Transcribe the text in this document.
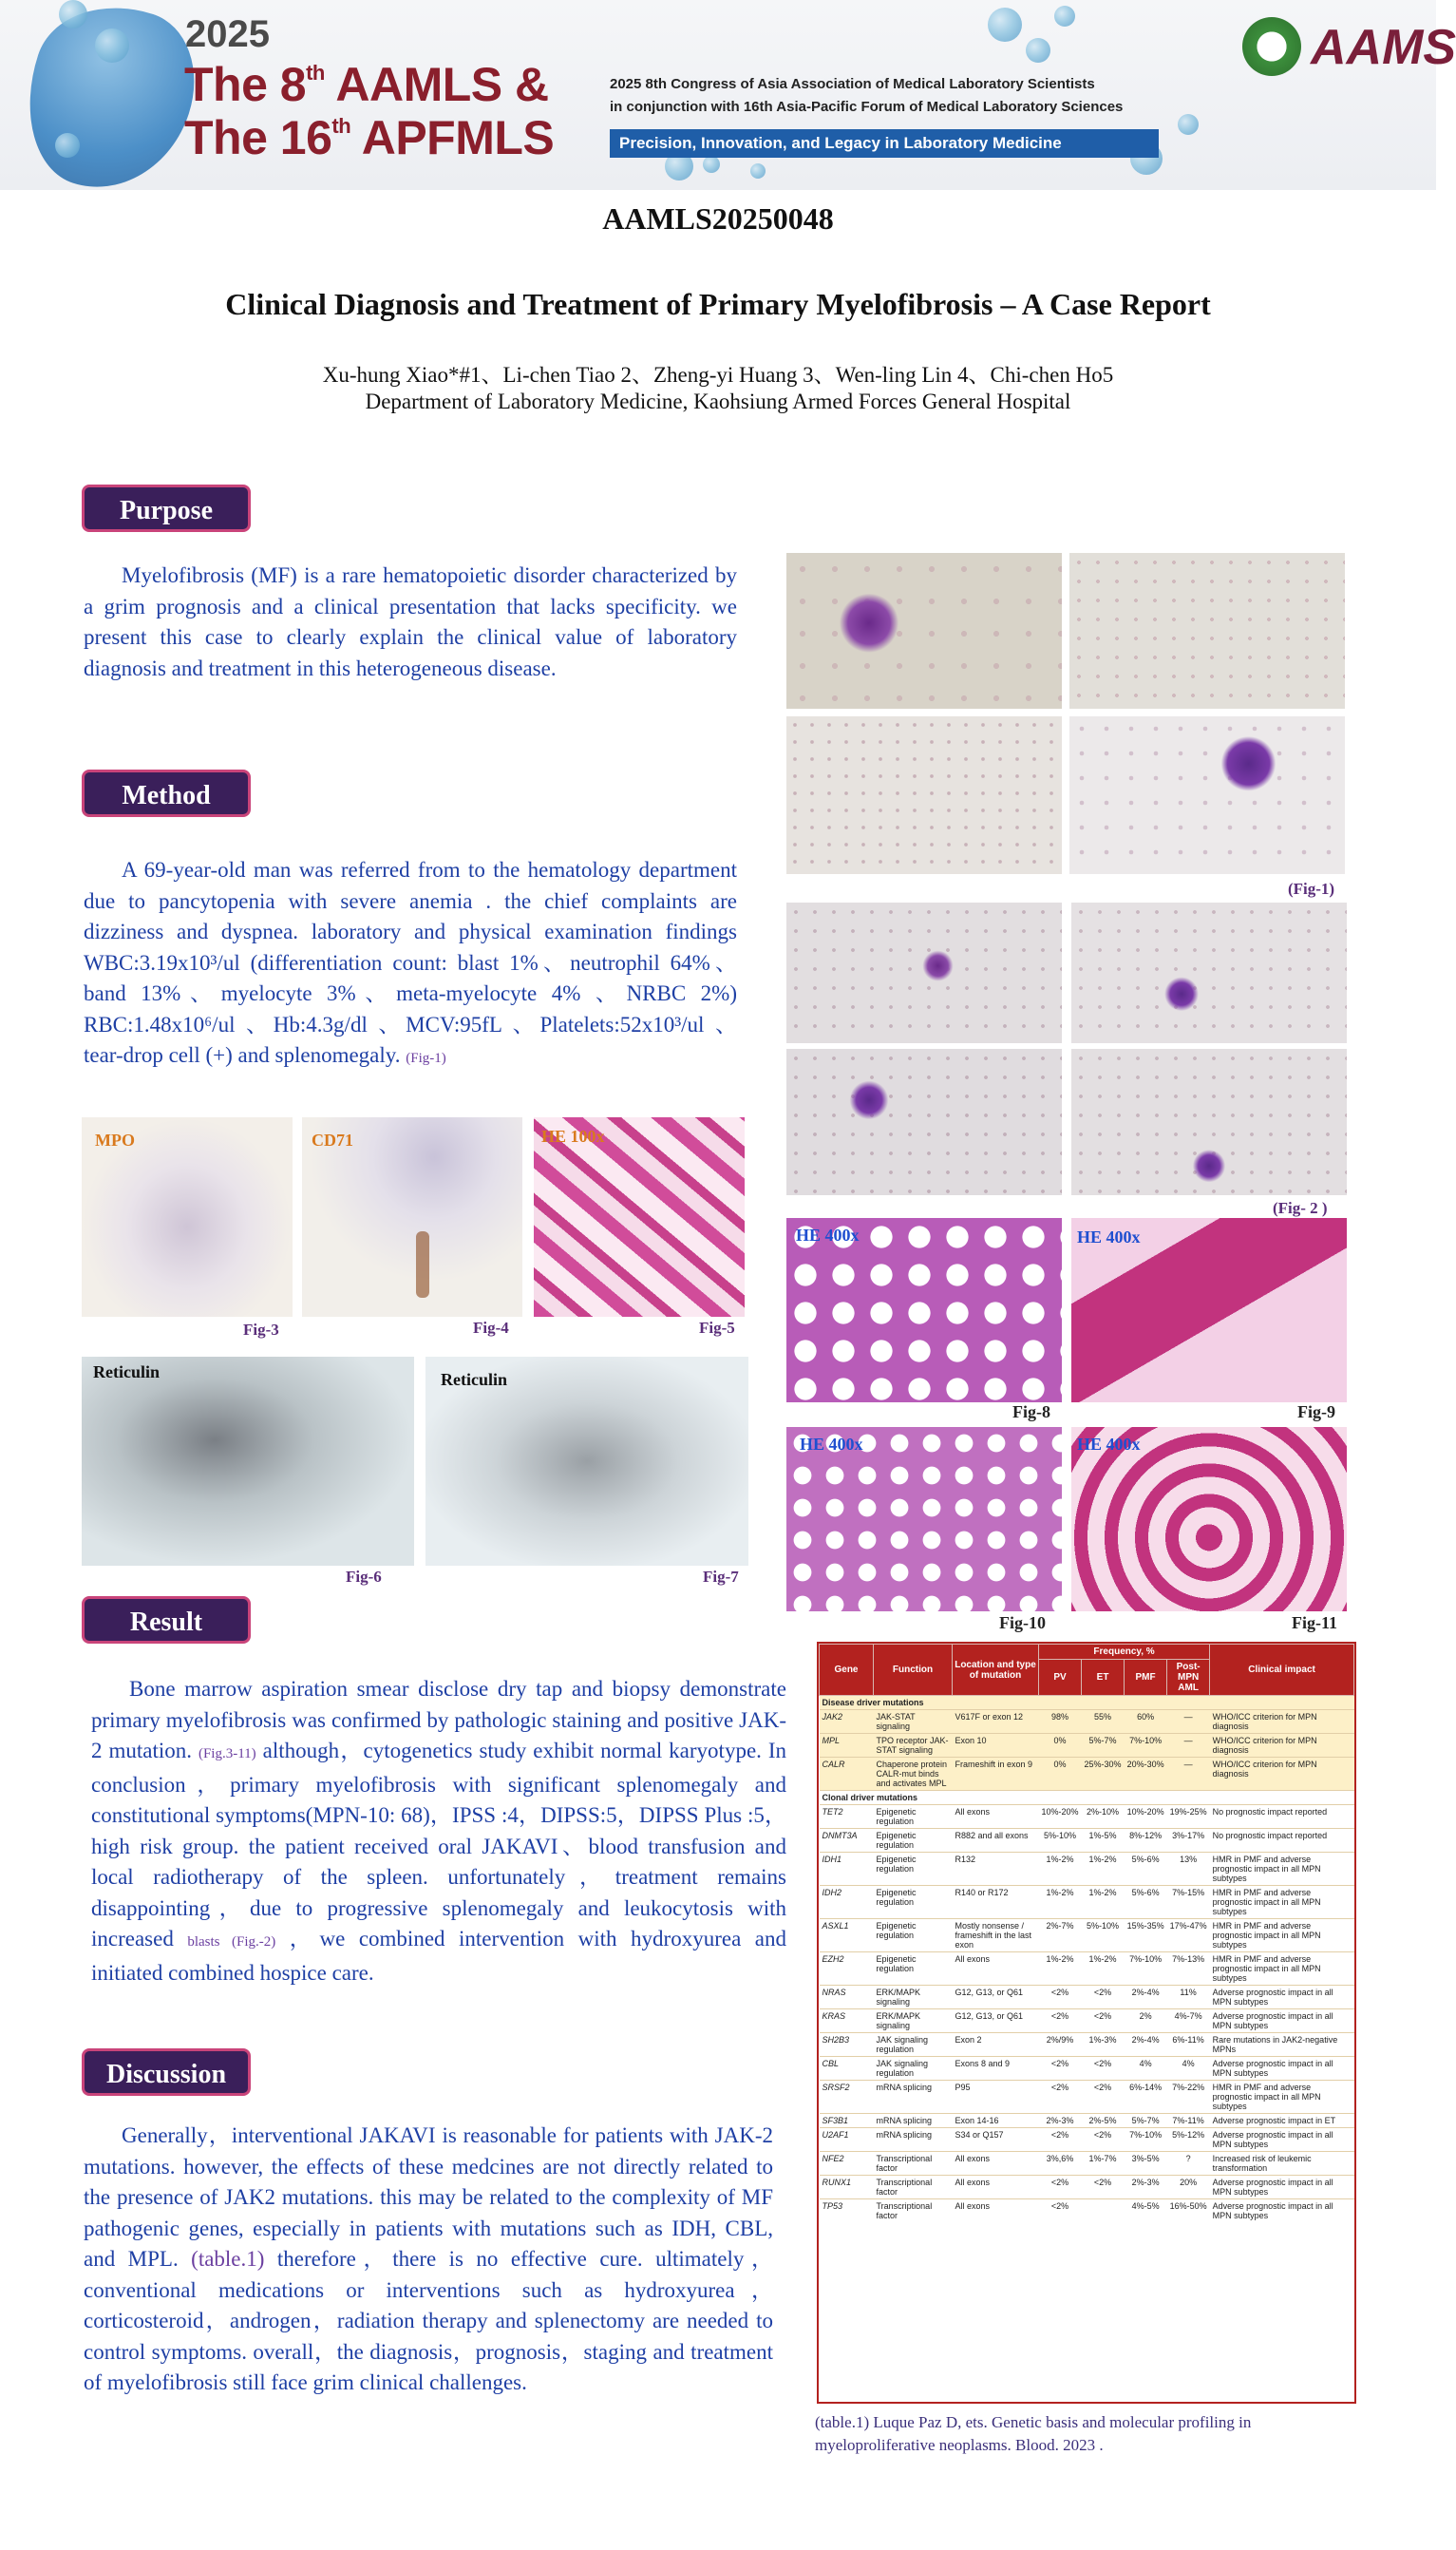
2025
The 8th AAMLS &
The 16th APFMLS
2025 8th Congress of Asia Association of Medical Laboratory Scientists
in conjunction with 16th Asia-Pacific Forum of Medical Laboratory Sciences
Precision, Innovation, and Legacy in Laboratory Medicine
AAMS
AAMLS20250048
Clinical Diagnosis and Treatment of Primary Myelofibrosis – A Case Report
Xu-hung Xiao*#1、Li-chen Tiao 2、Zheng-yi Huang 3、Wen-ling Lin 4、Chi-chen Ho5
Department of Laboratory Medicine, Kaohsiung Armed Forces General Hospital
Purpose
Myelofibrosis (MF) is a rare hematopoietic disorder characterized by a grim prognosis and a clinical presentation that lacks specificity. we present this case to clearly explain the clinical value of laboratory diagnosis and treatment in this heterogeneous disease.
Method
A 69-year-old man was referred from to the hematology department due to pancytopenia with severe anemia . the chief complaints are dizziness and dyspnea. laboratory and physical examination findings WBC:3.19x10³/ul (differentiation count: blast 1%、neutrophil 64%、band 13%、myelocyte 3%、meta-myelocyte 4% 、NRBC 2%) RBC:1.48x10⁶/ul 、Hb:4.3g/dl 、MCV:95fL 、Platelets:52x10³/ul 、tear-drop cell (+) and splenomegaly. (Fig-1)
MPO	CD71	HE 100x
Fig-3	Fig-4	Fig-5
Reticulin	Reticulin
Fig-6	Fig-7
Result
Bone marrow aspiration smear disclose dry tap and biopsy demonstrate primary myelofibrosis was confirmed by pathologic staining and positive JAK-2 mutation. (Fig.3-11) although，cytogenetics study exhibit normal karyotype. In conclusion，primary myelofibrosis with significant splenomegaly and constitutional symptoms(MPN-10: 68)，IPSS :4，DIPSS:5，DIPSS Plus :5， high risk group. the patient received oral JAKAVI、blood transfusion and local radiotherapy of the spleen. unfortunately，treatment remains disappointing，due to progressive splenomegaly and leukocytosis with increased blasts (Fig.-2) ，we combined intervention with hydroxyurea and initiated combined hospice care.
Discussion
Generally，interventional JAKAVI is reasonable for patients with JAK-2 mutations. however, the effects of these medcines are not directly related to the presence of JAK2 mutations. this may be related to the complexity of MF pathogenic genes, especially in patients with mutations such as IDH, CBL, and MPL. (table.1) therefore，there is no effective cure. ultimately，conventional medications or interventions such as hydroxyurea，corticosteroid，androgen，radiation therapy and splenectomy are needed to control symptoms. overall，the diagnosis，prognosis，staging and treatment of myelofibrosis still face grim clinical challenges.
(Fig-1)
(Fig- 2 )
HE 400x	HE 400x
Fig-8	Fig-9
HE 400x	HE 400x
Fig-10	Fig-11
Gene	Function	Location and type of mutation	Frequency, %				Clinical impact
			PV	ET	PMF	Post-MPN AML	
Disease driver mutations							
JAK2	JAK-STAT signaling	V617F or exon 12	98%	55%	60%	—	WHO/ICC criterion for MPN diagnosis
MPL	TPO receptor JAK-STAT signaling	Exon 10	0%	5%-7%	7%-10%	—	WHO/ICC criterion for MPN diagnosis
CALR	Chaperone protein CALR-mut binds and activates MPL	Frameshift in exon 9	0%	25%-30%	20%-30%	—	WHO/ICC criterion for MPN diagnosis
Clonal driver mutations							
TET2	Epigenetic regulation	All exons	10%-20%	2%-10%	10%-20%	19%-25%	No prognostic impact reported
DNMT3A	Epigenetic regulation	R882 and all exons	5%-10%	1%-5%	8%-12%	3%-17%	No prognostic impact reported
IDH1	Epigenetic regulation	R132	1%-2%	1%-2%	5%-6%	13%	HMR in PMF and adverse prognostic impact in all MPN subtypes
IDH2	Epigenetic regulation	R140 or R172	1%-2%	1%-2%	5%-6%	7%-15%	HMR in PMF and adverse prognostic impact in all MPN subtypes
ASXL1	Epigenetic regulation	Mostly nonsense / frameshift in the last exon	2%-7%	5%-10%	15%-35%	17%-47%	HMR in PMF and adverse prognostic impact in all MPN subtypes
EZH2	Epigenetic regulation	All exons	1%-2%	1%-2%	7%-10%	7%-13%	HMR in PMF and adverse prognostic impact in all MPN subtypes
NRAS	ERK/MAPK signaling	G12, G13, or Q61	<2%	<2%	2%-4%	11%	Adverse prognostic impact in all MPN subtypes
KRAS	ERK/MAPK signaling	G12, G13, or Q61	<2%	<2%	2%	4%-7%	Adverse prognostic impact in all MPN subtypes
SH2B3	JAK signaling regulation	Exon 2	2%/9%	1%-3%	2%-4%	6%-11%	Rare mutations in JAK2-negative MPNs
CBL	JAK signaling regulation	Exons 8 and 9	<2%	<2%	4%	4%	Adverse prognostic impact in all MPN subtypes
SRSF2	mRNA splicing	P95	<2%	<2%	6%-14%	7%-22%	HMR in PMF and adverse prognostic impact in all MPN subtypes
SF3B1	mRNA splicing	Exon 14-16	2%-3%	2%-5%	5%-7%	7%-11%	Adverse prognostic impact in ET
U2AF1	mRNA splicing	S34 or Q157	<2%	<2%	7%-10%	5%-12%	Adverse prognostic impact in all MPN subtypes
NFE2	Transcriptional factor	All exons	3%,6%	1%-7%	3%-5%	?	Increased risk of leukemic transformation
RUNX1	Transcriptional factor	All exons	<2%	<2%	2%-3%	20%	Adverse prognostic impact in all MPN subtypes
TP53	Transcriptional factor	All exons	<2%		4%-5%	16%-50%	Adverse prognostic impact in all MPN subtypes
(table.1) Luque Paz D, ets. Genetic basis and molecular profiling in myeloproliferative neoplasms. Blood. 2023 .
